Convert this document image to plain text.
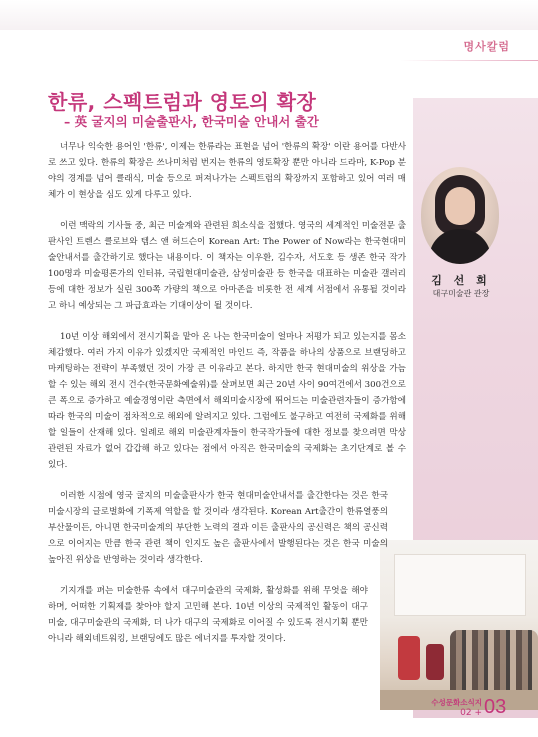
명사칼럼
김 선 희
대구미술관 관장
한류, 스펙트럼과 영토의 확장
– 英 굴지의 미술출판사, 한국미술 안내서 출간

너무나 익숙한 용어인 '한류', 이제는 한류라는 표현을 넘어 '한류의 확장' 이란 용어를 다반사로 쓰고 있다. 한류의 확장은 쓰나미처럼 번지는 한류의 영토확장 뿐만 아니라 드라마, K-Pop 분야의 경계를 넘어 클래식, 미술 등으로 퍼져나가는 스펙트럼의 확장까지 포함하고 있어 여러 매체가 이 현상을 심도 있게 다루고 있다.

이런 맥락의 기사들 중, 최근 미술계와 관련된 희소식을 접했다. 영국의 세계적인 미술전문 출판사인 트렌스 클로브와 템스 앤 허드슨이 Korean Art: The Power of Now라는 한국현대미술안내서를 출간하기로 했다는 내용이다. 이 책자는 이우환, 김수자, 서도호 등 생존 한국 작가 100명과 미술평론가의 인터뷰, 국립현대미술관, 삼성미술관 등 한국을 대표하는 미술관 갤러리 등에 대한 정보가 실린 300쪽 가량의 책으로 아마존을 비롯한 전 세계 서점에서 유통될 것이라고 하니 예상되는 그 파급효과는 기대이상이 될 것이다.

10년 이상 해외에서 전시기획을 맡아 온 나는 한국미술이 얼마나 저평가 되고 있는지를 몸소 체감했다. 여러 가지 이유가 있겠지만 국제적인 마인드 즉, 작품을 하나의 상품으로 브랜딩하고 마케팅하는 전략이 부족했던 것이 가장 큰 이유라고 본다. 하지만 한국 현대미술의 위상을 가늠할 수 있는 해외 전시 건수(한국문화예술위)를 살펴보면 최근 20년 사이 90여건에서 300건으로 큰 폭으로 증가하고 예술경영이란 측면에서 해외미술시장에 뛰어드는 미술관련자들이 증가함에 따라 한국의 미술이 점차적으로 해외에 알려지고 있다. 그럼에도 불구하고 여전히 국제화를 위해 할 일들이 산재해 있다. 일례로 해외 미술관계자들이 한국작가들에 대한 정보를 찾으려면 막상 관련된 자료가 없어 갑갑해 하고 있다는 점에서 아직은 한국미술의 국제화는 초기단계로 볼 수 있다.

이러한 시점에 영국 굴지의 미술출판사가 한국 현대미술안내서를 출간한다는 것은 한국미술시장의 글로벌화에 기폭제 역할을 할 것이라 생각된다. Korean Art출간이 한류열풍의 부산물이든, 아니면 한국미술계의 부단한 노력의 결과 이든 출판사의 공신력은 책의 공신력으로 이어지는 만큼 한국 관련 책이 인지도 높은 출판사에서 발행된다는 것은 한국 미술의 높아진 위상을 반영하는 것이라 생각한다.

기지개를 펴는 미술한류 속에서 대구미술관의 국제화, 활성화를 위해 무엇을 해야 하며, 어떠한 기획제를 찾아야 할지 고민해 본다. 10년 이상의 국제적인 활동이 대구미술, 대구미술관의 국제화, 더 나가 대구의 국제화로 이어질 수 있도록 전시기획 뿐만 아니라 해외네트워킹, 브랜딩에도 많은 에너지를 투자할 것이다.

수성문화소식지
02 + 03
